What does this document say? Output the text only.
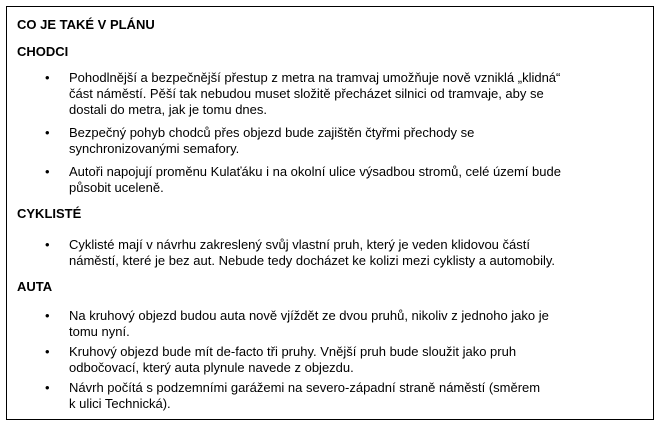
CO JE TAKÉ V PLÁNU
CHODCI
• Pohodlnější a bezpečnější přestup z metra na tramvaj umožňuje nově vzniklá „klidná“
část náměstí. Pěší tak nebudou muset složitě přecházet silnici od tramvaje, aby se
dostali do metra, jak je tomu dnes.
• Bezpečný pohyb chodců přes objezd bude zajištěn čtyřmi přechody se
synchronizovanými semafory.
• Autoři napojují proměnu Kulaťáku i na okolní ulice výsadbou stromů, celé území bude
působit uceleně.
CYKLISTÉ
• Cyklisté mají v návrhu zakreslený svůj vlastní pruh, který je veden klidovou částí
náměstí, které je bez aut. Nebude tedy docházet ke kolizi mezi cyklisty a automobily.
AUTA
• Na kruhový objezd budou auta nově vjíždět ze dvou pruhů, nikoliv z jednoho jako je
tomu nyní.
• Kruhový objezd bude mít de-facto tři pruhy. Vnější pruh bude sloužit jako pruh
odbočovací, který auta plynule navede z objezdu.
• Návrh počítá s podzemními garážemi na severo-západní straně náměstí (směrem
k ulici Technická).
